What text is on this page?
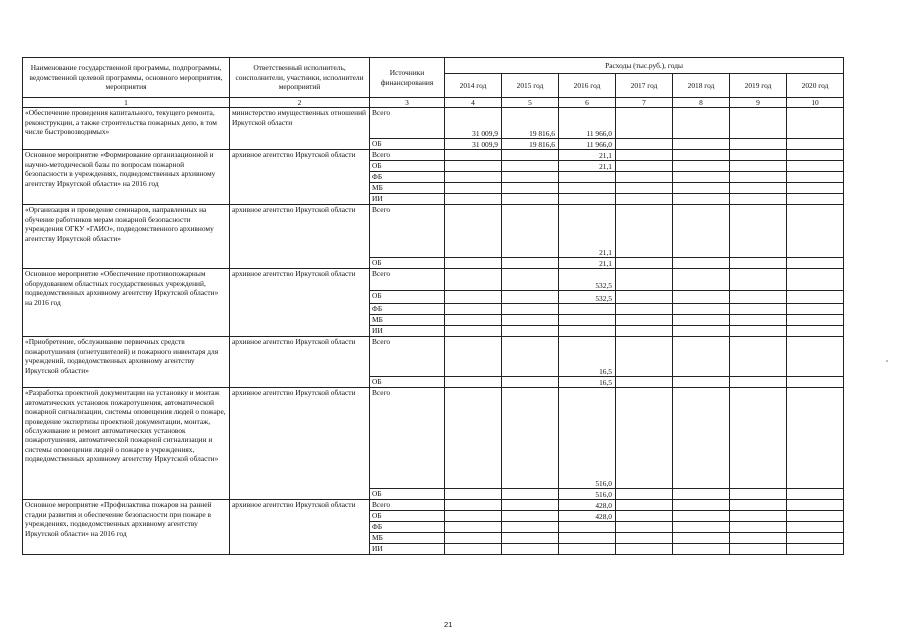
Наименование государственной программы, подпрограммы, ведомственной целевой программы, основного мероприятия, мероприятия	Ответственный исполнитель, соисполнители, участники, исполнители мероприятий	Источники финансирования	Расходы (тыс.руб.), годы						
			2014 год	2015 год	2016 год	2017 год	2018 год	2019 год	2020 год
1	2	3	4	5	6	7	8	9	10
«Обеспечение проведения капитального, текущего ремонта, реконструкции, а также строительства пожарных депо, в том числе быстровозводимых»	министерство имущественных отношений Иркутской области	Всего	31 009,9	19 816,6	11 966,0				
		ОБ	31 009,9	19 816,6	11 966,0				
Основное мероприятие «Формирование организационной и научно-методической базы по вопросам пожарной безопасности в учреждениях, подведомственных архивному агентству Иркутской области» на 2016 год	архивное агентство Иркутской области	Всего			21,1				
		ОБ			21,1				
		ФБ							
		МБ							
		ИИ							
«Организация и проведение семинаров, направленных на обучение работников мерам пожарной безопасности учреждения ОГКУ «ГАИО», подведомственного архивному агентству Иркутской области»	архивное агентство Иркутской области	Всего			21,1				
		ОБ			21,1				
Основное мероприятие «Обеспечение противопожарным оборудованием областных государственных учреждений, подведомственных архивному агентству Иркутской области» на 2016 год	архивное агентство Иркутской области	Всего			532,5				
		ОБ			532,5				
		ФБ							
		МБ							
		ИИ							
«Приобретение, обслуживание первичных средств пожаротушения (огнетушителей) и пожарного инвентаря для учреждений, подведомственных архивному агентству Иркутской области»	архивное агентство Иркутской области	Всего			16,5				
		ОБ			16,5				
«Разработка проектной документации на установку и монтаж автоматических установок пожаротушения, автоматической пожарной сигнализации, системы оповещения людей о пожаре, проведение экспертизы проектной документации, монтаж, обслуживание и ремонт автоматических установок пожаротушения, автоматической пожарной сигнализации и системы оповещения людей о пожаре в учреждениях, подведомственных архивному агентству Иркутской области»	архивное агентство Иркутской области	Всего			516,0				
		ОБ			516,0				
Основное мероприятие «Профилактика пожаров на ранней стадии развития и обеспечение безопасности при пожаре в учреждениях, подведомственных архивному агентству Иркутской области» на 2016 год	архивное агентство Иркутской области	Всего			428,0				
		ОБ			428,0				
		ФБ							
		МБ							
		ИИ							
21
